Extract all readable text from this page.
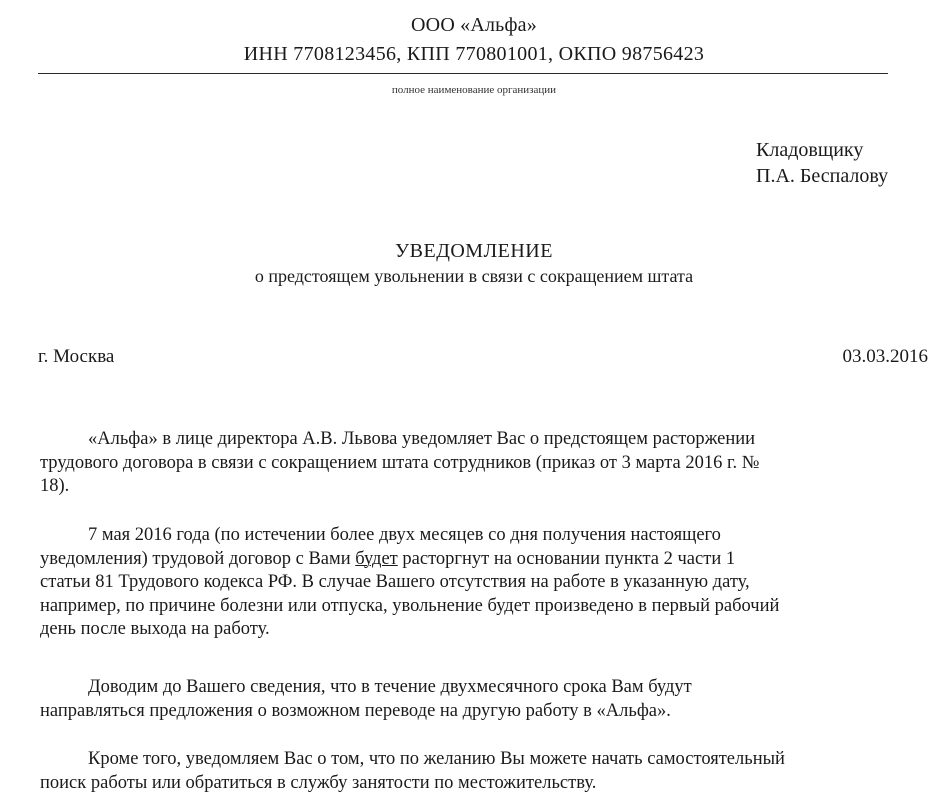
ООО «Альфа»
ИНН 7708123456, КПП 770801001, ОКПО 98756423
полное наименование организации
Кладовщику
П.А. Беспалову
УВЕДОМЛЕНИЕ
о предстоящем увольнении в связи с сокращением штата
г. Москва	03.03.2016
«Альфа» в лице директора А.В. Львова уведомляет Вас о предстоящем расторжении
трудового договора в связи с сокращением штата сотрудников (приказ от 3 марта 2016 г. №
18).
7 мая 2016 года (по истечении более двух месяцев со дня получения настоящего
уведомления) трудовой договор с Вами будет расторгнут на основании пункта 2 части 1
статьи 81 Трудового кодекса РФ. В случае Вашего отсутствия на работе в указанную дату,
например, по причине болезни или отпуска, увольнение будет произведено в первый рабочий
день после выхода на работу.
Доводим до Вашего сведения, что в течение двухмесячного срока Вам будут
направляться предложения о возможном переводе на другую работу в «Альфа».
Кроме того, уведомляем Вас о том, что по желанию Вы можете начать самостоятельный
поиск работы или обратиться в службу занятости по местожительству.
